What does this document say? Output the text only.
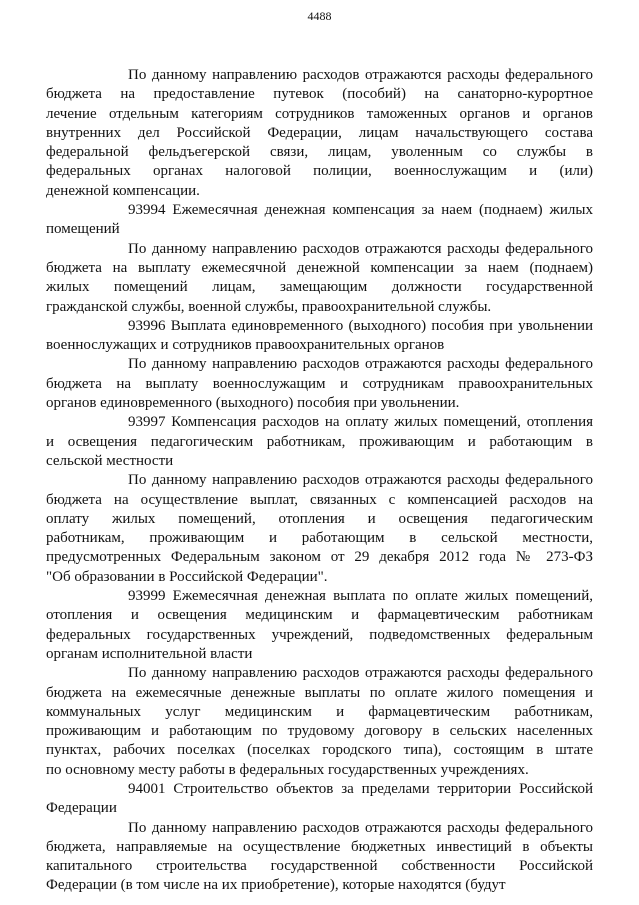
4488
По данному направлению расходов отражаются расходы федерального
бюджета на предоставление путевок (пособий) на санаторно-курортное
лечение отдельным категориям сотрудников таможенных органов и органов
внутренних дел Российской Федерации, лицам начальствующего состава
федеральной фельдъегерской связи, лицам, уволенным со службы в
федеральных органах налоговой полиции, военнослужащим и (или)
денежной компенсации.
93994 Ежемесячная денежная компенсация за наем (поднаем) жилых
помещений
По данному направлению расходов отражаются расходы федерального
бюджета на выплату ежемесячной денежной компенсации за наем (поднаем)
жилых помещений лицам, замещающим должности государственной
гражданской службы, военной службы, правоохранительной службы.
93996 Выплата единовременного (выходного) пособия при увольнении
военнослужащих и сотрудников правоохранительных органов
По данному направлению расходов отражаются расходы федерального
бюджета на выплату военнослужащим и сотрудникам правоохранительных
органов единовременного (выходного) пособия при увольнении.
93997 Компенсация расходов на оплату жилых помещений, отопления
и освещения педагогическим работникам, проживающим и работающим в
сельской местности
По данному направлению расходов отражаются расходы федерального
бюджета на осуществление выплат, связанных с компенсацией расходов на
оплату жилых помещений, отопления и освещения педагогическим
работникам, проживающим и работающим в сельской местности,
предусмотренных Федеральным законом от 29 декабря 2012 года № 273-ФЗ
"Об образовании в Российской Федерации".
93999 Ежемесячная денежная выплата по оплате жилых помещений,
отопления и освещения медицинским и фармацевтическим работникам
федеральных государственных учреждений, подведомственных федеральным
органам исполнительной власти
По данному направлению расходов отражаются расходы федерального
бюджета на ежемесячные денежные выплаты по оплате жилого помещения и
коммунальных услуг медицинским и фармацевтическим работникам,
проживающим и работающим по трудовому договору в сельских населенных
пунктах, рабочих поселках (поселках городского типа), состоящим в штате
по основному месту работы в федеральных государственных учреждениях.
94001 Строительство объектов за пределами территории Российской
Федерации
По данному направлению расходов отражаются расходы федерального
бюджета, направляемые на осуществление бюджетных инвестиций в объекты
капитального строительства государственной собственности Российской
Федерации (в том числе на их приобретение), которые находятся (будут
